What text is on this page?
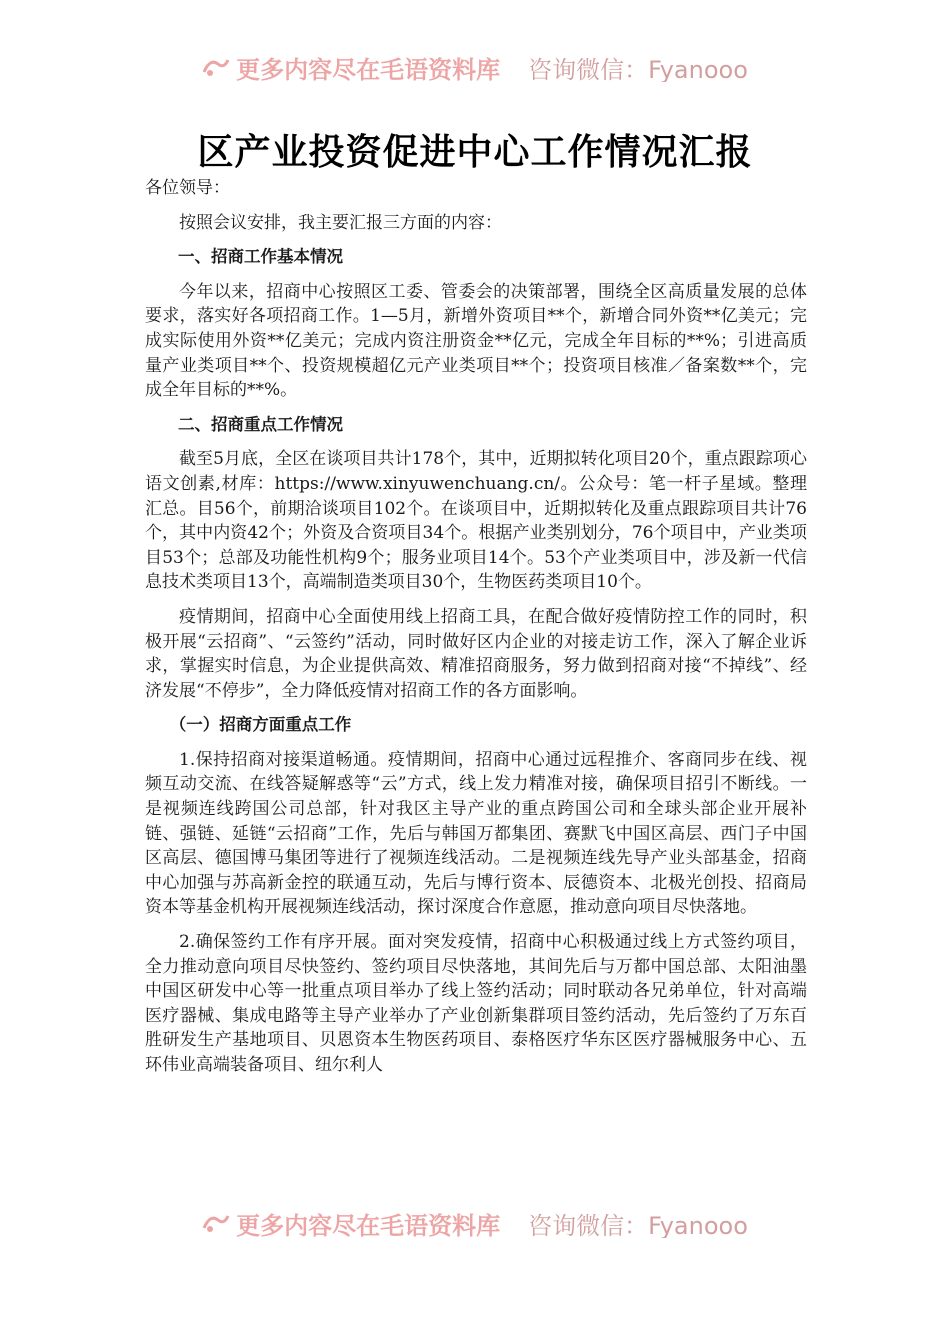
更多内容尽在毛语资料库 咨询微信：Fyanooo
区产业投资促进中心工作情况汇报

各位领导：

按照会议安排，我主要汇报三方面的内容：

一、招商工作基本情况

今年以来，招商中心按照区工委、管委会的决策部署，围绕全区高质量发展的总体要求，落实好各项招商工作。1—5月，新增外资项目**个，新增合同外资**亿美元；完成实际使用外资**亿美元；完成内资注册资金**亿元，完成全年目标的**%；引进高质量产业类项目**个、投资规模超亿元产业类项目**个；投资项目核准／备案数**个，完成全年目标的**%。

二、招商重点工作情况

截至5月底，全区在谈项目共计178个，其中，近期拟转化项目20个，重点跟踪项心语文创素,材库：https://www.xinyuwenchuang.cn/。公众号：笔一杆子星域。整理汇总。目56个，前期洽谈项目102个。在谈项目中，近期拟转化及重点跟踪项目共计76个，其中内资42个；外资及合资项目34个。根据产业类别划分，76个项目中，产业类项目53个；总部及功能性机构9个；服务业项目14个。53个产业类项目中，涉及新一代信息技术类项目13个，高端制造类项目30个，生物医药类项目10个。

疫情期间，招商中心全面使用线上招商工具，在配合做好疫情防控工作的同时，积极开展“云招商”、“云签约”活动，同时做好区内企业的对接走访工作，深入了解企业诉求，掌握实时信息，为企业提供高效、精准招商服务，努力做到招商对接“不掉线”、经济发展“不停步”，全力降低疫情对招商工作的各方面影响。

（一）招商方面重点工作

1.保持招商对接渠道畅通。疫情期间，招商中心通过远程推介、客商同步在线、视频互动交流、在线答疑解惑等“云”方式，线上发力精准对接，确保项目招引不断线。一是视频连线跨国公司总部，针对我区主导产业的重点跨国公司和全球头部企业开展补链、强链、延链“云招商”工作，先后与韩国万都集团、赛默飞中国区高层、西门子中国区高层、德国博马集团等进行了视频连线活动。二是视频连线先导产业头部基金，招商中心加强与苏高新金控的联通互动，先后与博行资本、辰德资本、北极光创投、招商局资本等基金机构开展视频连线活动，探讨深度合作意愿，推动意向项目尽快落地。

2.确保签约工作有序开展。面对突发疫情，招商中心积极通过线上方式签约项目，全力推动意向项目尽快签约、签约项目尽快落地，其间先后与万都中国总部、太阳油墨中国区研发中心等一批重点项目举办了线上签约活动；同时联动各兄弟单位，针对高端医疗器械、集成电路等主导产业举办了产业创新集群项目签约活动，先后签约了万东百胜研发生产基地项目、贝恩资本生物医药项目、泰格医疗华东区医疗器械服务中心、五环伟业高端装备项目、纽尔利人

更多内容尽在毛语资料库 咨询微信：Fyanooo
